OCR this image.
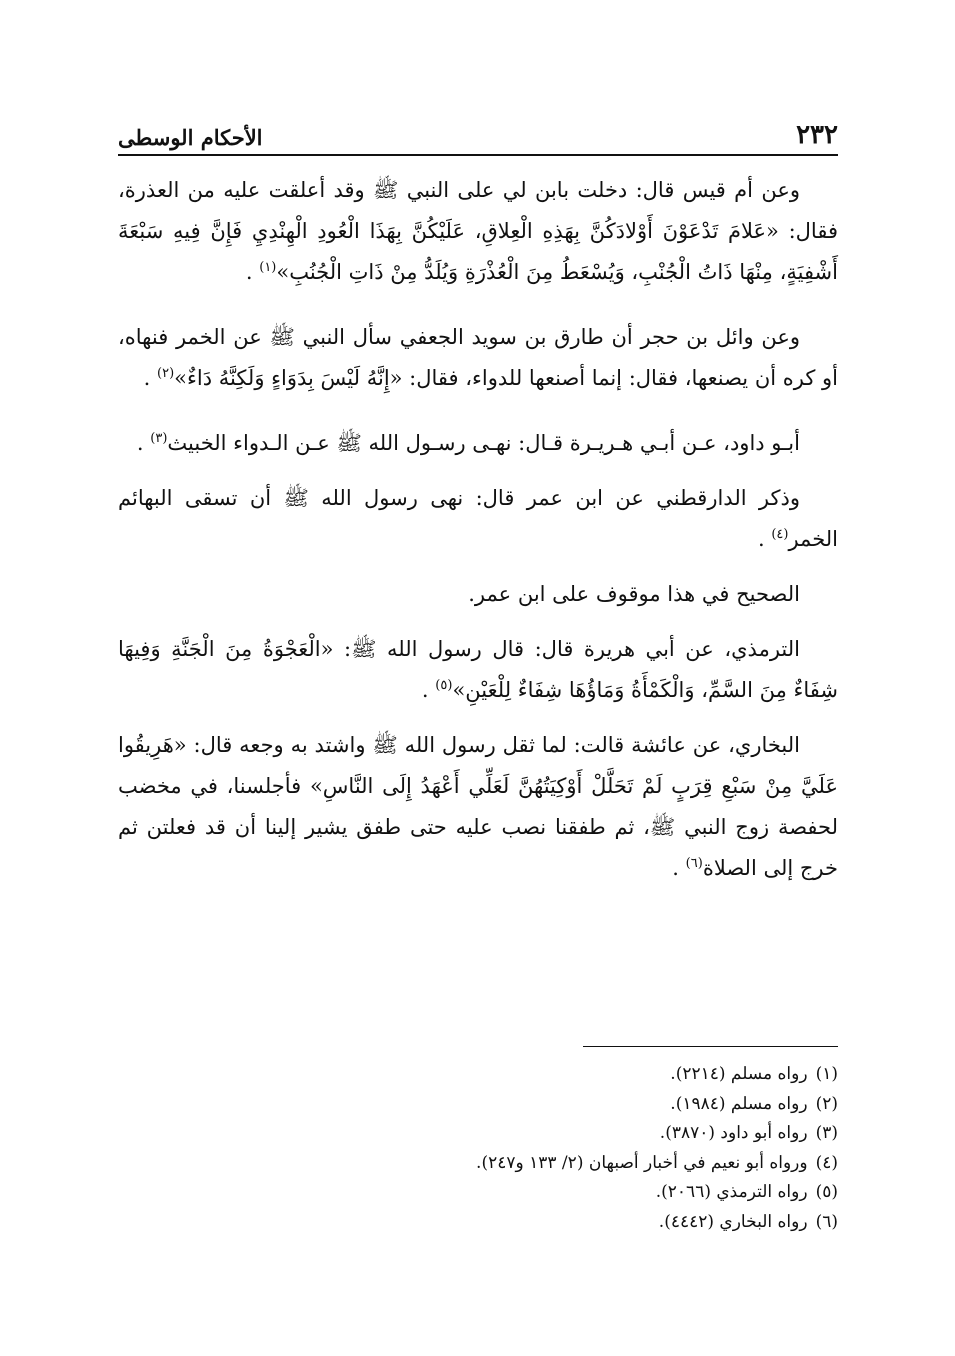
٢٣٢
الأحكام الوسطى

وعن أم قيس قال: دخلت بابن لي على النبي ﷺ وقد أعلقت عليه من العذرة، فقال: «عَلامَ تَدْعَوْنَ أَوْلادَكُنَّ بِهَذِهِ الْعِلاقِ، عَلَيْكُنَّ بِهَذَا الْعُودِ الْهِنْدِيِ فَإِنَّ فِيهِ سَبْعَةَ أَشْفِيَةٍ، مِنْهَا ذَاتُ الْجُنْبِ، وَيُسْعَطُ مِنَ الْعُذْرَةِ وَيُلَدُّ مِنْ ذَاتِ الْجُنُبِ»$^{(١)}$ .

وعن وائل بن حجر أن طارق بن سويد الجعفي سأل النبي ﷺ عن الخمر فنهاه، أو كره أن يصنعها، فقال: إنما أصنعها للدواء، فقال: «إِنَّهُ لَيْسَ بِدَوَاءٍ وَلَكِنَّهُ دَاءٌ»$^{(٢)}$ .

أبـو داود، عـن أبـي هـريـرة قـال: نهـى رسـول الله ﷺ عـن الـدواء الخبيث$^{(٣)}$ .

وذكر الدارقطني عن ابن عمر قال: نهى رسول الله ﷺ أن تسقى البهائم الخمر$^{(٤)}$ .

الصحيح في هذا موقوف على ابن عمر.

الترمذي، عن أبي هريرة قال: قال رسول الله ﷺ: «الْعَجْوَةُ مِنَ الْجَنَّةِ وَفِيهَا شِفَاءٌ مِنَ السَّمِّ، وَالْكَمْأَةُ وَمَاؤُهَا شِفَاءٌ لِلْعَيْنِ»$^{(٥)}$ .

البخاري، عن عائشة قالت: لما ثقل رسول الله ﷺ واشتد به وجعه قال: «هَرِيقُوا عَلَيَّ مِنْ سَبْعِ قِرَبٍ لَمْ تَحَلَّلْ أَوْكِيَتُهُنَّ لَعَلِّي أَعْهَدُ إِلَى النَّاسِ» فأجلسنا، في مخضب لحفصة زوج النبي ﷺ، ثم طفقنا نصب عليه حتى طفق يشير إلينا أن قد فعلتن ثم خرج إلى الصلاة$^{(٦)}$ .

(١)رواه مسلم (٢٢١٤).
(٢)رواه مسلم (١٩٨٤).
(٣)رواه أبو داود (٣٨٧٠).
(٤)ورواه أبو نعيم في أخبار أصبهان (٢/ ١٣٣ و٢٤٧).
(٥)رواه الترمذي (٢٠٦٦).
(٦)رواه البخاري (٤٤٤٢).
